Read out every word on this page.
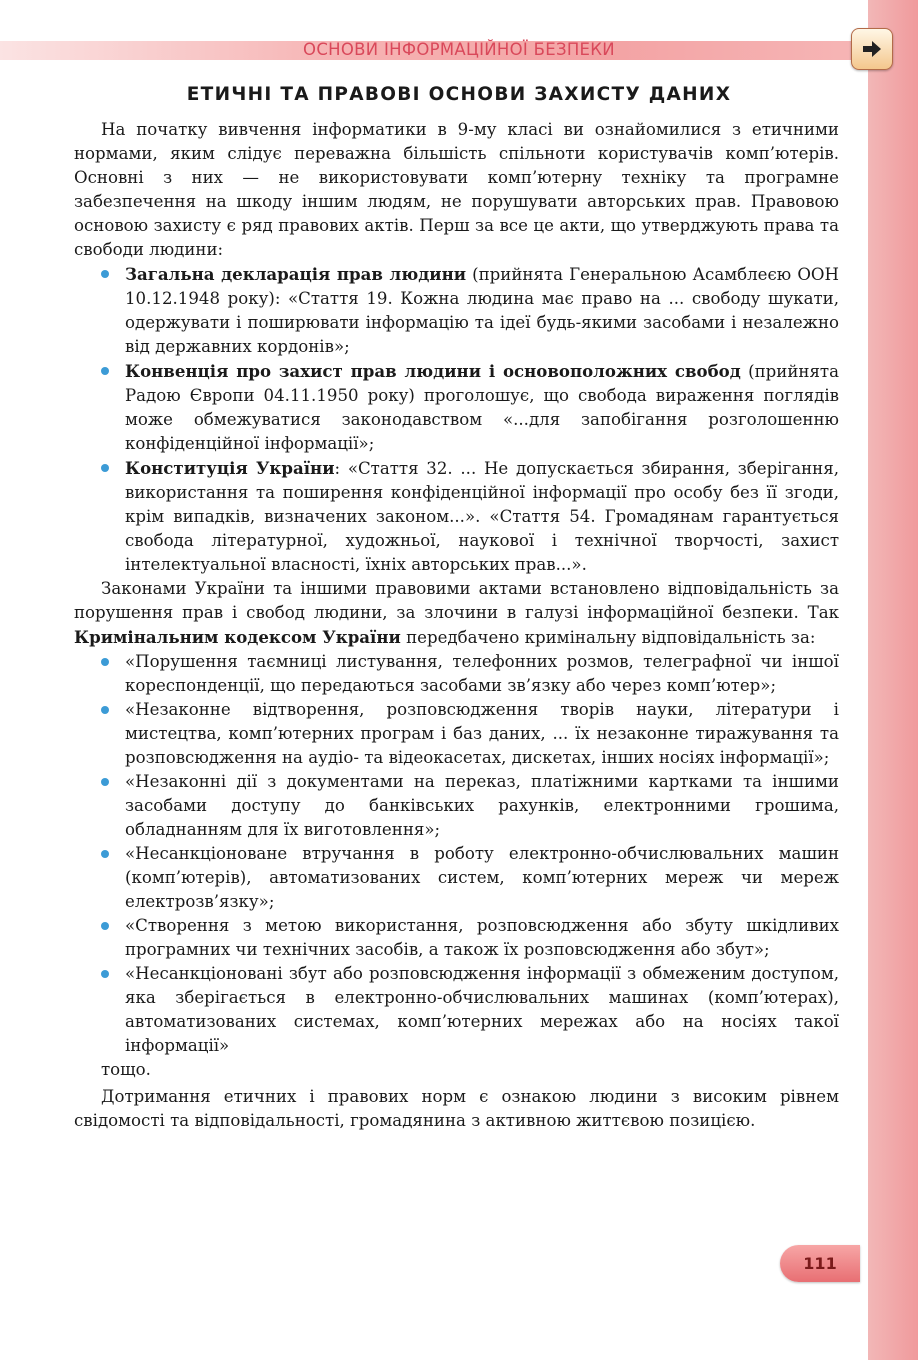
ОСНОВИ ІНФОРМАЦІЙНОЇ БЕЗПЕКИ
ЕТИЧНІ ТА ПРАВОВІ ОСНОВИ ЗАХИСТУ ДАНИХ

На початку вивчення інформатики в 9-му класі ви ознайомилися з етичними нормами, яким слідує переважна більшість спільноти користувачів комп’ютерів. Основні з них — не використовувати комп’ютерну техніку та програмне забезпечення на шкоду іншим людям, не порушувати авторських прав. Правовою основою захисту є ряд правових актів. Перш за все це акти, що утверджують права та свободи людини:

Загальна декларація прав людини (прийнята Генеральною Асамблеєю ООН 10.12.1948 року): «Стаття 19. Кожна людина має право на ... свободу шукати, одержувати і поширювати інформацію та ідеї будь-якими засобами і незалежно від державних кордонів»;
Конвенція про захист прав людини і основоположних свобод (прийнята Радою Європи 04.11.1950 року) проголошує, що свобода вираження поглядів може обмежуватися законодавством «...для запобігання розголошенню конфіденційної інформації»;
Конституція України: «Стаття 32. ... Не допускається збирання, зберігання, використання та поширення конфіденційної інформації про особу без її згоди, крім випадків, визначених законом...». «Стаття 54. Громадянам гарантується свобода літературної, художньої, наукової і технічної творчості, захист інтелектуальної власності, їхніх авторських прав...».

Законами України та іншими правовими актами встановлено відповідальність за порушення прав і свобод людини, за злочини в галузі інформаційної безпеки. Так Кримінальним кодексом України передбачено кримінальну відповідальність за:

«Порушення таємниці листування, телефонних розмов, телеграфної чи іншої кореспонденції, що передаються засобами зв’язку або через комп’ютер»;
«Незаконне відтворення, розповсюдження творів науки, літератури і мистецтва, комп’ютерних програм і баз даних, ... їх незаконне тиражування та розповсюдження на аудіо- та відеокасетах, дискетах, інших носіях інформації»;
«Незаконні дії з документами на переказ, платіжними картками та іншими засобами доступу до банківських рахунків, електронними грошима, обладнанням для їх виготовлення»;
«Несанкціоноване втручання в роботу електронно-обчислювальних машин (комп’ютерів), автоматизованих систем, комп’ютерних мереж чи мереж електрозв’язку»;
«Створення з метою використання, розповсюдження або збуту шкідливих програмних чи технічних засобів, а також їх розповсюдження або збут»;
«Несанкціоновані збут або розповсюдження інформації з обмеженим доступом, яка зберігається в електронно-обчислювальних машинах (комп’ютерах), автоматизованих системах, комп’ютерних мережах або на носіях такої інформації»

тощо.

Дотримання етичних і правових норм є ознакою людини з високим рівнем свідомості та відповідальності, громадянина з активною життєвою позицією.

111
